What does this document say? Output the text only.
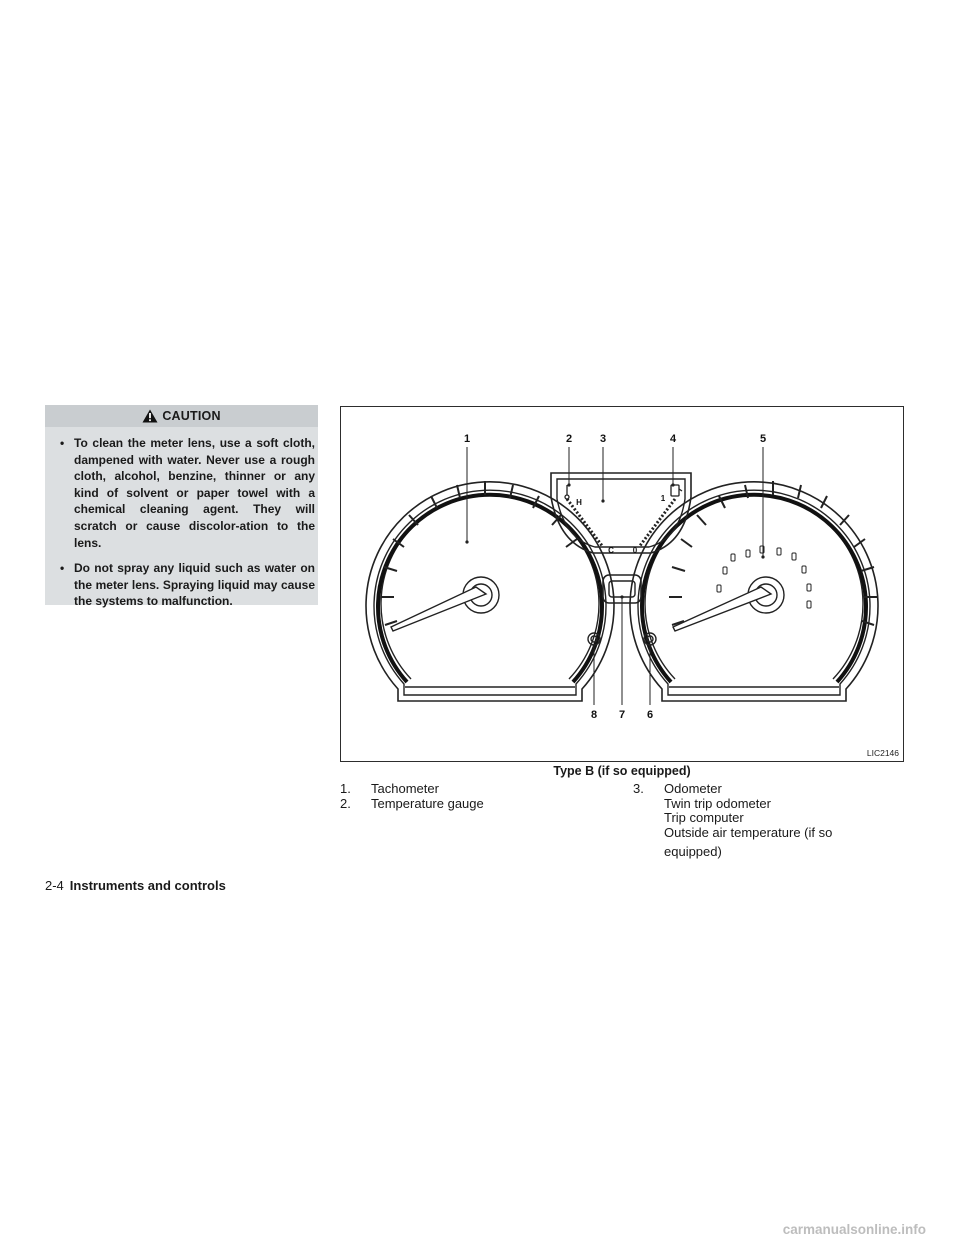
CAUTION
• To clean the meter lens, use a soft cloth, dampened with water. Never use a rough cloth, alcohol, benzine, thinner or any kind of solvent or paper towel with a chemical cleaning agent. They will scratch or cause discolor-ation to the lens.
• Do not spray any liquid such as water on the meter lens. Spraying liquid may cause the systems to malfunction.
1	2	3	4	5
6
7
8
H
C
1
0
LIC2146
Type B (if so equipped)
1.	Tachometer
2.	Temperature gauge
3.	Odometer
Twin trip odometer
Trip computer
Outside air temperature (if so
equipped)
2-4 Instruments and controls
carmanualsonline.info
